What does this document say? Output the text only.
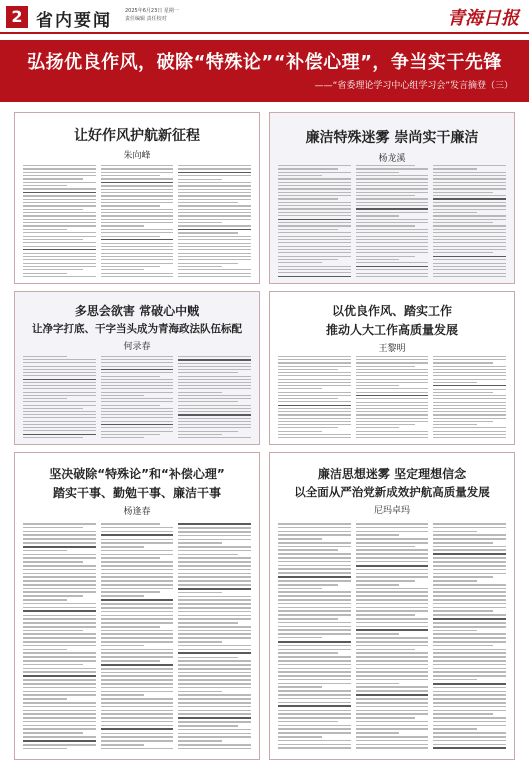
2 省内要闻	2025年6月23日 星期一
责任编辑 责任校对	青海日报
弘扬优良作风，破除“特殊论”“补偿心理”，争当实干先锋
——“省委理论学习中心组学习会”发言摘登（三）
让好作风护航新征程
朱向峰
廉洁特殊迷雾 崇尚实干廉洁
杨龙溪
多思会欲害 常破心中贼
让净字打底、干字当头成为青海政法队伍标配
何录春
以优良作风、踏实工作
推动人大工作高质量发展
王黎明
坚决破除“特殊论”和“补偿心理”
踏实干事、勤勉干事、廉洁干事
杨逢春
廉洁思想迷雾 坚定理想信念
以全面从严治党新成效护航高质量发展
尼玛卓玛
